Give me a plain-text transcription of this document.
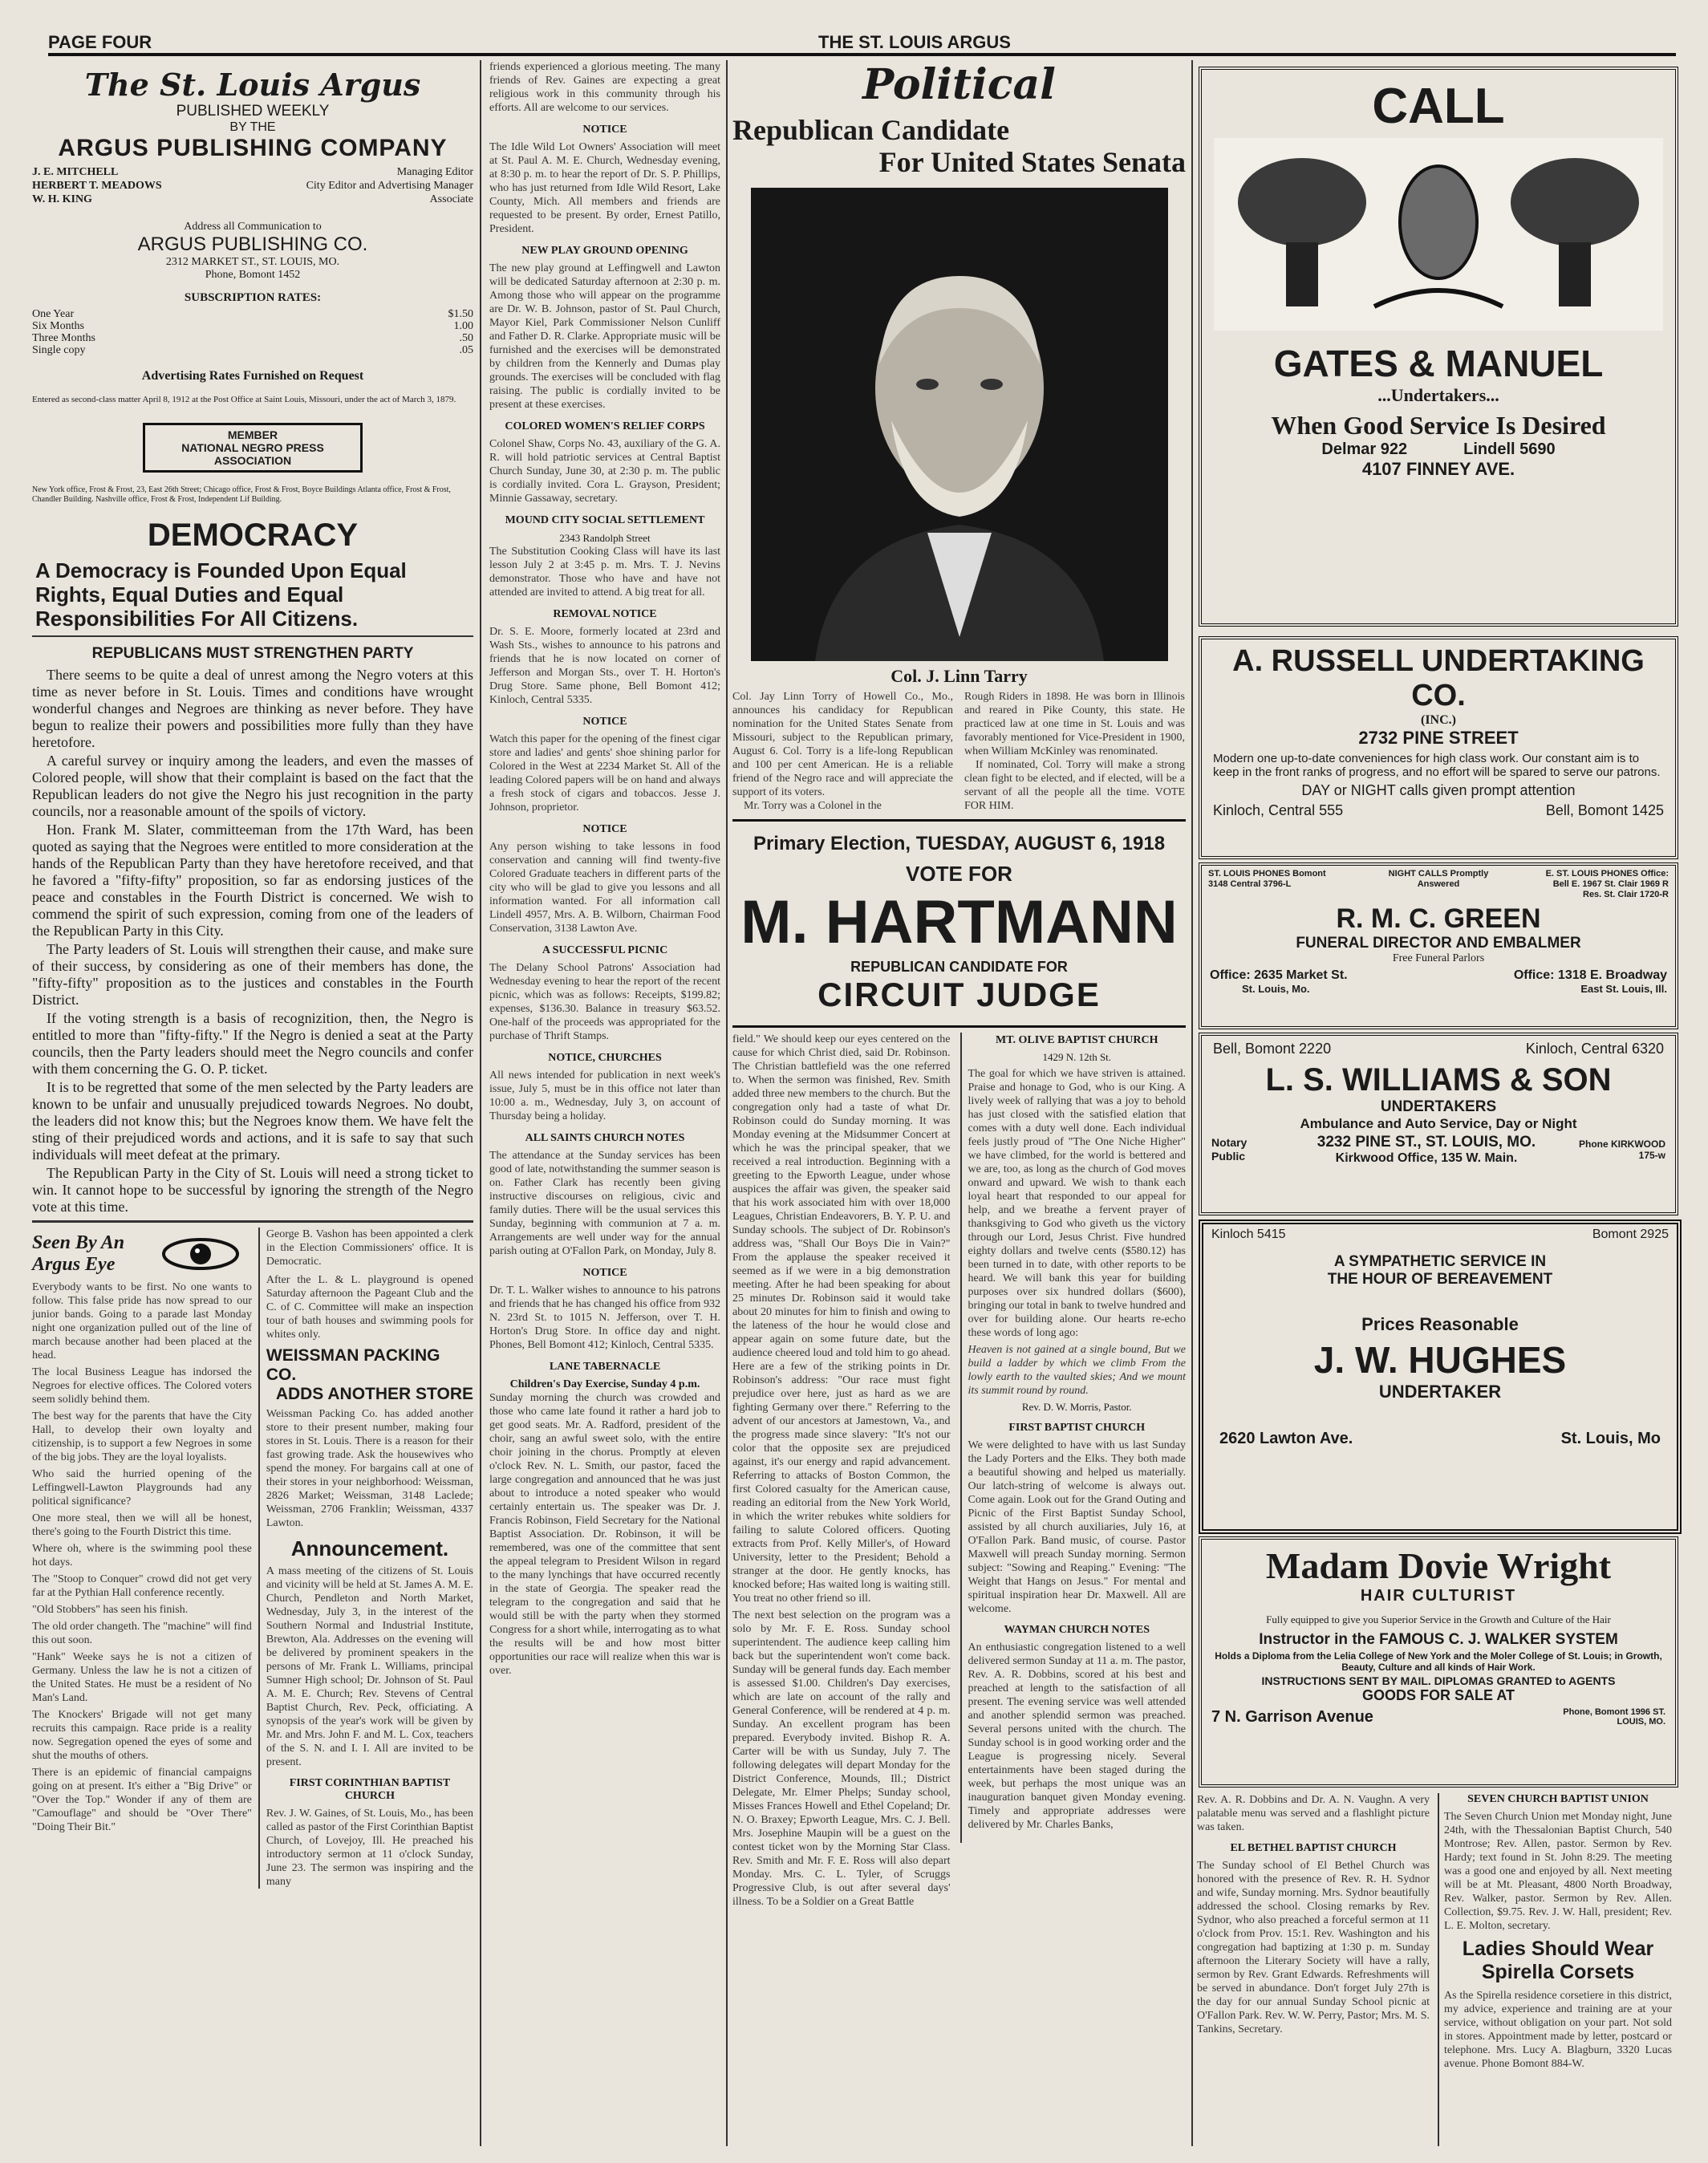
PAGE FOUR	THE ST. LOUIS ARGUS
The St. Louis Argus
PUBLISHED WEEKLY
BY THE
ARGUS PUBLISHING COMPANY
J. E. MITCHELL	Managing Editor
HERBERT T. MEADOWS	City Editor and Advertising Manager
W. H. KING	Associate
Address all Communication to
ARGUS PUBLISHING CO.
2312 MARKET ST., ST. LOUIS, MO.
Phone, Bomont 1452
SUBSCRIPTION RATES:
One Year	$1.50
Six Months	1.00
Three Months	.50
Single copy	.05
Advertising Rates Furnished on Request
Entered as second-class matter April 8, 1912 at the Post Office at Saint Louis, Missouri, under the act of March 3, 1879.
MEMBER
NATIONAL NEGRO PRESS
ASSOCIATION
New York office, Frost & Frost, 23, East 26th Street; Chicago office, Frost & Frost, Boyce Buildings Atlanta office, Frost & Frost, Chandler Building. Nashville office, Frost & Frost, Independent Lif Building.
DEMOCRACY
A Democracy is Founded Upon Equal Rights, Equal Duties and Equal Responsibilities For All Citizens.
REPUBLICANS MUST STRENGTHEN PARTY

There seems to be quite a deal of unrest among the Negro voters at this time as never before in St. Louis. Times and conditions have wrought wonderful changes and Negroes are thinking as never before. They have begun to realize their powers and possibilities more fully than they have heretofore.

A careful survey or inquiry among the leaders, and even the masses of Colored people, will show that their complaint is based on the fact that the Republican leaders do not give the Negro his just recognition in the party councils, nor a reasonable amount of the spoils of victory.

Hon. Frank M. Slater, committeeman from the 17th Ward, has been quoted as saying that the Negroes were entitled to more consideration at the hands of the Republican Party than they have heretofore received, and that he favored a "fifty-fifty" proposition, so far as endorsing justices of the peace and constables in the Fourth District is concerned. We wish to commend the spirit of such expression, coming from one of the leaders of the Republican Party in this City.

The Party leaders of St. Louis will strengthen their cause, and make sure of their success, by considering as one of their members has done, the "fifty-fifty" proposition as to the justices and constables in the Fourth District.

If the voting strength is a basis of recognizition, then, the Negro is entitled to more than "fifty-fifty." If the Negro is denied a seat at the Party councils, then the Party leaders should meet the Negro councils and confer with them concerning the G. O. P. ticket.

It is to be regretted that some of the men selected by the Party leaders are known to be unfair and unusually prejudiced towards Negroes. No doubt, the leaders did not know this; but the Negroes know them. We have felt the sting of their prejudiced words and actions, and it is safe to say that such individuals will meet defeat at the primary.

The Republican Party in the City of St. Louis will need a strong ticket to win. It cannot hope to be successful by ignoring the strength of the Negro vote at this time.

Seen By An Argus Eye

Everybody wants to be first. No one wants to follow. This false pride has now spread to our junior bands. Going to a parade last Monday night one organization pulled out of the line of march because another had been placed at the head.

The local Business League has indorsed the Negroes for elective offices. The Colored voters seem solidly behind them.

The best way for the parents that have the City Hall, to develop their own loyalty and citizenship, is to support a few Negroes in some of the big jobs. They are the loyal loyalists.

Who said the hurried opening of the Leffingwell-Lawton Playgrounds had any political significance?

One more steal, then we will all be honest, there's going to the Fourth District this time.

Where oh, where is the swimming pool these hot days.

The "Stoop to Conquer" crowd did not get very far at the Pythian Hall conference recently.

"Old Stobbers" has seen his finish.

The old order changeth. The "machine" will find this out soon.

"Hank" Weeke says he is not a citizen of Germany. Unless the law he is not a citizen of the United States. He must be a resident of No Man's Land.

The Knockers' Brigade will not get many recruits this campaign. Race pride is a reality now. Segregation opened the eyes of some and shut the mouths of others.

There is an epidemic of financial campaigns going on at present. It's either a "Big Drive" or "Over the Top." Wonder if any of them are "Camouflage" and should be "Over There" "Doing Their Bit."

George B. Vashon has been appointed a clerk in the Election Commissioners' office. It is Democratic.

After the L. & L. playground is opened Saturday afternoon the Pageant Club and the C. of C. Committee will make an inspection tour of bath houses and swimming pools for whites only.

WEISSMAN PACKING CO.
ADDS ANOTHER STORE

Weissman Packing Co. has added another store to their present number, making four stores in St. Louis. There is a reason for their fast growing trade. Ask the housewives who spend the money. For bargains call at one of their stores in your neighborhood: Weissman, 2826 Market; Weissman, 3148 Laclede; Weissman, 2706 Franklin; Weissman, 4337 Lawton.

Announcement.

A mass meeting of the citizens of St. Louis and vicinity will be held at St. James A. M. E. Church, Pendleton and North Market, Wednesday, July 3, in the interest of the Southern Normal and Industrial Institute, Brewton, Ala. Addresses on the evening will be delivered by prominent speakers in the persons of Mr. Frank L. Williams, principal Sumner High school; Dr. Johnson of St. Paul A. M. E. Church; Rev. Stevens of Central Baptist Church, Rev. Peck, officiating. A synopsis of the year's work will be given by Mr. and Mrs. John F. and M. L. Cox, teachers of the S. N. and I. I. All are invited to be present.

FIRST CORINTHIAN BAPTIST CHURCH

Rev. J. W. Gaines, of St. Louis, Mo., has been called as pastor of the First Corinthian Baptist Church, of Lovejoy, Ill. He preached his introductory sermon at 11 o'clock Sunday, June 23. The sermon was inspiring and the many

friends experienced a glorious meeting. The many friends of Rev. Gaines are expecting a great religious work in this community through his efforts. All are welcome to our services.

NOTICE

The Idle Wild Lot Owners' Association will meet at St. Paul A. M. E. Church, Wednesday evening, at 8:30 p. m. to hear the report of Dr. S. P. Phillips, who has just returned from Idle Wild Resort, Lake County, Mich. All members and friends are requested to be present. By order, Ernest Patillo, President.

NEW PLAY GROUND OPENING

The new play ground at Leffingwell and Lawton will be dedicated Saturday afternoon at 2:30 p. m. Among those who will appear on the programme are Dr. W. B. Johnson, pastor of St. Paul Church, Mayor Kiel, Park Commissioner Nelson Cunliff and Father D. R. Clarke. Appropriate music will be furnished and the exercises will be demonstrated by children from the Kennerly and Dumas play grounds. The exercises will be concluded with flag raising. The public is cordially invited to be present at these exercises.

COLORED WOMEN'S RELIEF CORPS

Colonel Shaw, Corps No. 43, auxiliary of the G. A. R. will hold patriotic services at Central Baptist Church Sunday, June 30, at 2:30 p. m. The public is cordially invited. Cora L. Grayson, President; Minnie Gassaway, secretary.

MOUND CITY SOCIAL SETTLEMENT
2343 Randolph Street

The Substitution Cooking Class will have its last lesson July 2 at 3:45 p. m. Mrs. T. J. Nevins demonstrator. Those who have and have not attended are invited to attend. A big treat for all.

REMOVAL NOTICE

Dr. S. E. Moore, formerly located at 23rd and Wash Sts., wishes to announce to his patrons and friends that he is now located on corner of Jefferson and Morgan Sts., over T. H. Horton's Drug Store. Same phone, Bell Bomont 412; Kinloch, Central 5335.

NOTICE

Watch this paper for the opening of the finest cigar store and ladies' and gents' shoe shining parlor for Colored in the West at 2234 Market St. All of the leading Colored papers will be on hand and always a fresh stock of cigars and tobaccos. Jesse J. Johnson, proprietor.

NOTICE

Any person wishing to take lessons in food conservation and canning will find twenty-five Colored Graduate teachers in different parts of the city who will be glad to give you lessons and all information wanted. For all information call Lindell 4957, Mrs. A. B. Wilborn, Chairman Food Conservation, 3138 Lawton Ave.

A SUCCESSFUL PICNIC

The Delany School Patrons' Association had Wednesday evening to hear the report of the recent picnic, which was as follows: Receipts, $199.82; expenses, $136.30. Balance in treasury $63.52. One-half of the proceeds was appropriated for the purchase of Thrift Stamps.

NOTICE, CHURCHES

All news intended for publication in next week's issue, July 5, must be in this office not later than 10:00 a. m., Wednesday, July 3, on account of Thursday being a holiday.

ALL SAINTS CHURCH NOTES

The attendance at the Sunday services has been good of late, notwithstanding the summer season is on. Father Clark has recently been giving instructive discourses on religious, civic and family duties. There will be the usual services this Sunday, beginning with communion at 7 a. m. Arrangements are well under way for the annual parish outing at O'Fallon Park, on Monday, July 8.

NOTICE

Dr. T. L. Walker wishes to announce to his patrons and friends that he has changed his office from 932 N. 23rd St. to 1015 N. Jefferson, over T. H. Horton's Drug Store. In office day and night. Phones, Bell Bomont 412; Kinloch, Central 5335.

LANE TABERNACLE
Children's Day Exercise, Sunday 4 p.m.

Sunday morning the church was crowded and those who came late found it rather a hard job to get good seats. Mr. A. Radford, president of the choir, sang an awful sweet solo, with the entire choir joining in the chorus. Promptly at eleven o'clock Rev. N. L. Smith, our pastor, faced the large congregation and announced that he was just about to introduce a noted speaker who would certainly entertain us. The speaker was Dr. J. Francis Robinson, Field Secretary for the National Baptist Association. Dr. Robinson, it will be remembered, was one of the committee that sent the appeal telegram to President Wilson in regard to the many lynchings that have occurred recently in the state of Georgia. The speaker read the telegram to the congregation and said that he would still be with the party when they stormed Congress for a short while, interrogating as to what the results will be and how most bitter opportunities our race will realize when this war is over.

Political
Republican Candidate
For United States Senata
Col. J. Linn Tarry

Col. Jay Linn Torry of Howell Co., Mo., announces his candidacy for Republican nomination for the United States Senate from Missouri, subject to the Republican primary, August 6. Col. Torry is a life-long Republican and 100 per cent American. He is a reliable friend of the Negro race and will appreciate the support of its voters.

Mr. Torry was a Colonel in the

Rough Riders in 1898. He was born in Illinois and reared in Pike County, this state. He practiced law at one time in St. Louis and was favorably mentioned for Vice-President in 1900, when William McKinley was renominated.

If nominated, Col. Torry will make a strong clean fight to be elected, and if elected, will be a servant of all the people all the time. VOTE FOR HIM.

Primary Election, TUESDAY, AUGUST 6, 1918
VOTE FOR
M. HARTMANN
REPUBLICAN CANDIDATE FOR
CIRCUIT JUDGE

field." We should keep our eyes centered on the cause for which Christ died, said Dr. Robinson. The Christian battlefield was the one referred to. When the sermon was finished, Rev. Smith added three new members to the church. But the congregation only had a taste of what Dr. Robinson could do Sunday morning. It was Monday evening at the Midsummer Concert at which he was the principal speaker, that we received a real introduction. Beginning with a greeting to the Epworth League, under whose auspices the affair was given, the speaker said that his work associated him with over 18,000 Leagues, Christian Endeavorers, B. Y. P. U. and Sunday schools. The subject of Dr. Robinson's address was, "Shall Our Boys Die in Vain?" From the applause the speaker received it seemed as if we were in a big demonstration meeting. After he had been speaking for about 25 minutes Dr. Robinson said it would take about 20 minutes for him to finish and owing to the lateness of the hour he would close and appear again on some future date, but the audience cheered loud and told him to go ahead. Here are a few of the striking points in Dr. Robinson's address: "Our race must fight prejudice over here, just as hard as we are fighting Germany over there." Referring to the advent of our ancestors at Jamestown, Va., and the progress made since slavery: "It's not our color that the opposite sex are prejudiced against, it's our energy and rapid advancement. Referring to attacks of Boston Common, the first Colored casualty for the American cause, reading an editorial from the New York World, in which the writer rebukes white soldiers for failing to salute Colored officers. Quoting extracts from Prof. Kelly Miller's, of Howard University, letter to the President; Behold a stranger at the door. He gently knocks, has knocked before; Has waited long is waiting still. You treat no other friend so ill.

The next best selection on the program was a solo by Mr. F. E. Ross. Sunday school superintendent. The audience keep calling him back but the superintendent won't come back. Sunday will be general funds day. Each member is assessed $1.00. Children's Day exercises, which are late on account of the rally and General Conference, will be rendered at 4 p. m. Sunday. An excellent program has been prepared. Everybody invited. Bishop R. A. Carter will be with us Sunday, July 7. The following delegates will depart Monday for the District Conference, Mounds, Ill.; District Delegate, Mr. Elmer Phelps; Sunday school, Misses Frances Howell and Ethel Copeland; Dr. N. O. Braxey; Epworth League, Mrs. C. J. Bell. Mrs. Josephine Maupin will be a guest on the contest ticket won by the Morning Star Class. Rev. Smith and Mr. F. E. Ross will also depart Monday. Mrs. C. L. Tyler, of Scruggs Progressive Club, is out after several days' illness. To be a Soldier on a Great Battle

MT. OLIVE BAPTIST CHURCH
1429 N. 12th St.

The goal for which we have striven is attained. Praise and honage to God, who is our King. A lively week of rallying that was a joy to behold has just closed with the satisfied elation that comes with a duty well done. Each individual feels justly proud of "The One Niche Higher" we have climbed, for the world is bettered and we are, too, as long as the church of God moves onward and upward. We wish to thank each loyal heart that responded to our appeal for help, and we breathe a fervent prayer of thanksgiving to God who giveth us the victory through our Lord, Jesus Christ. Five hundred eighty dollars and twelve cents ($580.12) has been turned in to date, with other reports to be heard. We will bank this year for building purposes over six hundred dollars ($600), bringing our total in bank to twelve hundred and over for building alone. Our hearts re-echo these words of long ago:

Heaven is not gained at a single bound, But we build a ladder by which we climb From the lowly earth to the vaulted skies; And we mount its summit round by round.

Rev. D. W. Morris, Pastor.
FIRST BAPTIST CHURCH

We were delighted to have with us last Sunday the Lady Porters and the Elks. They both made a beautiful showing and helped us materially. Our latch-string of welcome is always out. Come again. Look out for the Grand Outing and Picnic of the First Baptist Sunday School, assisted by all church auxiliaries, July 16, at O'Fallon Park. Band music, of course. Pastor Maxwell will preach Sunday morning. Sermon subject: "Sowing and Reaping." Evening: "The Weight that Hangs on Jesus." For mental and spiritual inspiration hear Dr. Maxwell. All are welcome.

WAYMAN CHURCH NOTES

An enthusiastic congregation listened to a well delivered sermon Sunday at 11 a. m. The pastor, Rev. A. R. Dobbins, scored at his best and preached at length to the satisfaction of all present. The evening service was well attended and another splendid sermon was preached. Several persons united with the church. The Sunday school is in good working order and the League is progressing nicely. Several entertainments have been staged during the week, but perhaps the most unique was an inauguration banquet given Monday evening. Timely and appropriate addresses were delivered by Mr. Charles Banks,

CALL
GATES & MANUEL
...Undertakers...
When Good Service Is Desired
Delmar 922	Lindell 5690
4107 FINNEY AVE.
A. RUSSELL UNDERTAKING CO.
(INC.)
2732 PINE STREET
Modern one up-to-date conveniences for high class work. Our constant aim is to keep in the front ranks of progress, and no effort will be spared to serve our patrons.
DAY or NIGHT calls given prompt attention
Kinloch, Central 555	Bell, Bomont 1425
ST. LOUIS PHONES Bomont 3148 Central 3796-L
NIGHT CALLS Promptly Answered
E. ST. LOUIS PHONES Office: Bell E. 1967 St. Clair 1969 R Res. St. Clair 1720-R
R. M. C. GREEN
FUNERAL DIRECTOR AND EMBALMER
Free Funeral Parlors
Office: 2635 Market St.
St. Louis, Mo.
Office: 1318 E. Broadway
East St. Louis, Ill.
Bell, Bomont 2220	Kinloch, Central 6320
L. S. WILLIAMS & SON
UNDERTAKERS
Ambulance and Auto Service, Day or Night
Notary Public
3232 PINE ST., ST. LOUIS, MO.
Kirkwood Office, 135 W. Main.
Phone KIRKWOOD 175-w
Kinloch 5415	Bomont 2925
A SYMPATHETIC SERVICE IN
THE HOUR OF BEREAVEMENT
Prices Reasonable
J. W. HUGHES
UNDERTAKER
2620 Lawton Ave.	St. Louis, Mo
Madam Dovie Wright
HAIR CULTURIST
Fully equipped to give you Superior Service in the Growth and Culture of the Hair
Instructor in the FAMOUS C. J. WALKER SYSTEM
Holds a Diploma from the Lelia College of New York and the Moler College of St. Louis; in Growth, Beauty, Culture and all kinds of Hair Work.
INSTRUCTIONS SENT BY MAIL. DIPLOMAS GRANTED to AGENTS
GOODS FOR SALE AT
7 N. Garrison Avenue	Phone, Bomont 1996 ST. LOUIS, MO.

Rev. A. R. Dobbins and Dr. A. N. Vaughn. A very palatable menu was served and a flashlight picture was taken.

EL BETHEL BAPTIST CHURCH

The Sunday school of El Bethel Church was honored with the presence of Rev. R. H. Sydnor and wife, Sunday morning. Mrs. Sydnor beautifully addressed the school. Closing remarks by Rev. Sydnor, who also preached a forceful sermon at 11 o'clock from Prov. 15:1. Rev. Washington and his congregation had baptizing at 1:30 p. m. Sunday afternoon the Literary Society will have a rally, sermon by Rev. Grant Edwards. Refreshments will be served in abundance. Don't forget July 27th is the day for our annual Sunday School picnic at O'Fallon Park. Rev. W. W. Perry, Pastor; Mrs. M. S. Tankins, Secretary.

SEVEN CHURCH BAPTIST UNION

The Seven Church Union met Monday night, June 24th, with the Thessalonian Baptist Church, 540 Montrose; Rev. Allen, pastor. Sermon by Rev. Hardy; text found in St. John 8:29. The meeting was a good one and enjoyed by all. Next meeting will be at Mt. Pleasant, 4800 North Broadway, Rev. Walker, pastor. Sermon by Rev. Allen. Collection, $9.75. Rev. J. W. Hall, president; Rev. L. E. Molton, secretary.

Ladies Should Wear Spirella Corsets

As the Spirella residence corsetiere in this district, my advice, experience and training are at your service, without obligation on your part. Not sold in stores. Appointment made by letter, postcard or telephone. Mrs. Lucy A. Blagburn, 3320 Lucas avenue. Phone Bomont 884-W.
